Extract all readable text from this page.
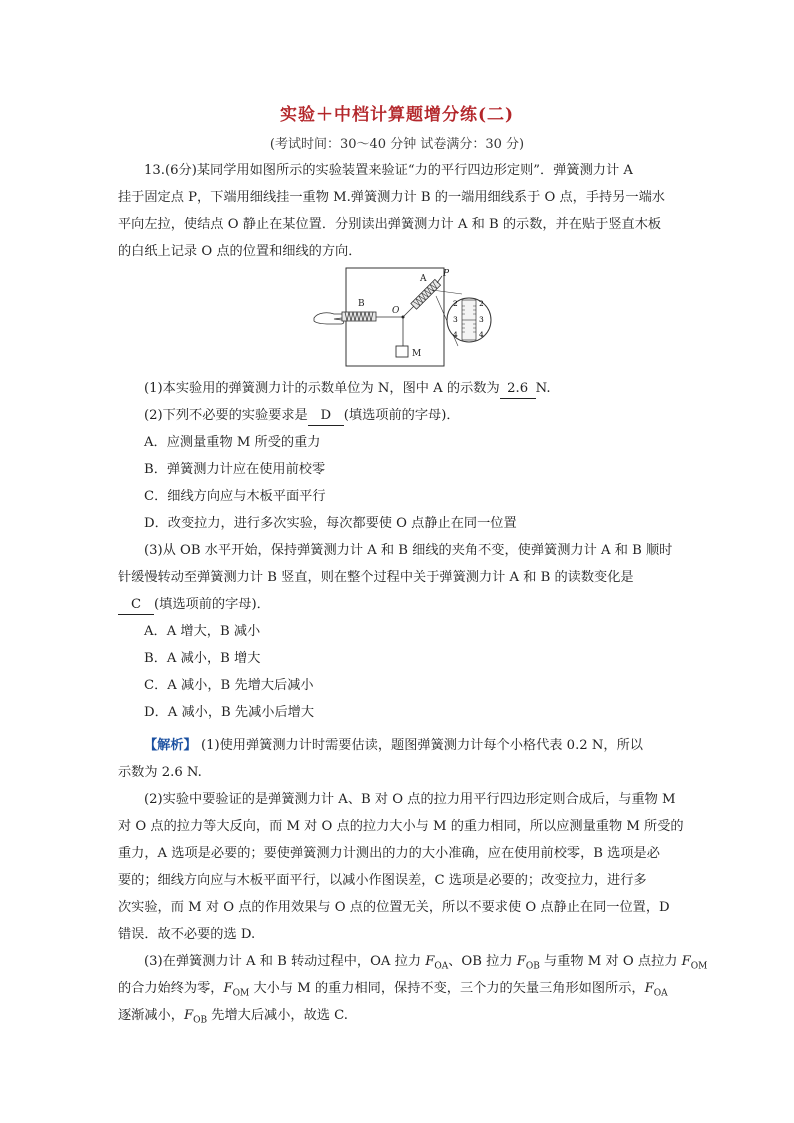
实验＋中档计算题增分练(二)
(考试时间：30～40 分钟 试卷满分：30 分)
13.(6分)某同学用如图所示的实验装置来验证“力的平行四边形定则”．弹簧测力计 A
挂于固定点 P，下端用细线挂一重物 M.弹簧测力计 B 的一端用细线系于 O 点，手持另一端水
平向左拉，使结点 O 静止在某位置．分别读出弹簧测力计 A 和 B 的示数，并在贴于竖直木板
的白纸上记录 O 点的位置和细线的方向．
B
O
M
A P
2
3
4
2
3
4
(1)本实验用的弹簧测力计的示数单位为 N，图中 A 的示数为 2.6 N.
(2)下列不必要的实验要求是 D (填选项前的字母)．
A．应测量重物 M 所受的重力
B．弹簧测力计应在使用前校零
C．细线方向应与木板平面平行
D．改变拉力，进行多次实验，每次都要使 O 点静止在同一位置
(3)从 OB 水平开始，保持弹簧测力计 A 和 B 细线的夹角不变，使弹簧测力计 A 和 B 顺时
针缓慢转动至弹簧测力计 B 竖直，则在整个过程中关于弹簧测力计 A 和 B 的读数变化是
C (填选项前的字母)．
A．A 增大，B 减小
B．A 减小，B 增大
C．A 减小，B 先增大后减小
D．A 减小，B 先减小后增大
【解析】 (1)使用弹簧测力计时需要估读，题图弹簧测力计每个小格代表 0.2 N，所以
示数为 2.6 N.
(2)实验中要验证的是弹簧测力计 A、B 对 O 点的拉力用平行四边形定则合成后，与重物 M
对 O 点的拉力等大反向，而 M 对 O 点的拉力大小与 M 的重力相同，所以应测量重物 M 所受的
重力，A 选项是必要的；要使弹簧测力计测出的力的大小准确，应在使用前校零，B 选项是必
要的；细线方向应与木板平面平行，以减小作图误差，C 选项是必要的；改变拉力，进行多
次实验，而 M 对 O 点的作用效果与 O 点的位置无关，所以不要求使 O 点静止在同一位置，D
错误．故不必要的选 D.
(3)在弹簧测力计 A 和 B 转动过程中，OA 拉力 $F_{OA}$、OB 拉力 $F_{OB}$ 与重物 M 对 O 点拉力 $F_{OM}$
的合力始终为零，$F_{OM}$ 大小与 M 的重力相同，保持不变，三个力的矢量三角形如图所示，$F_{OA}$
逐渐减小，$F_{OB}$ 先增大后减小，故选 C.
